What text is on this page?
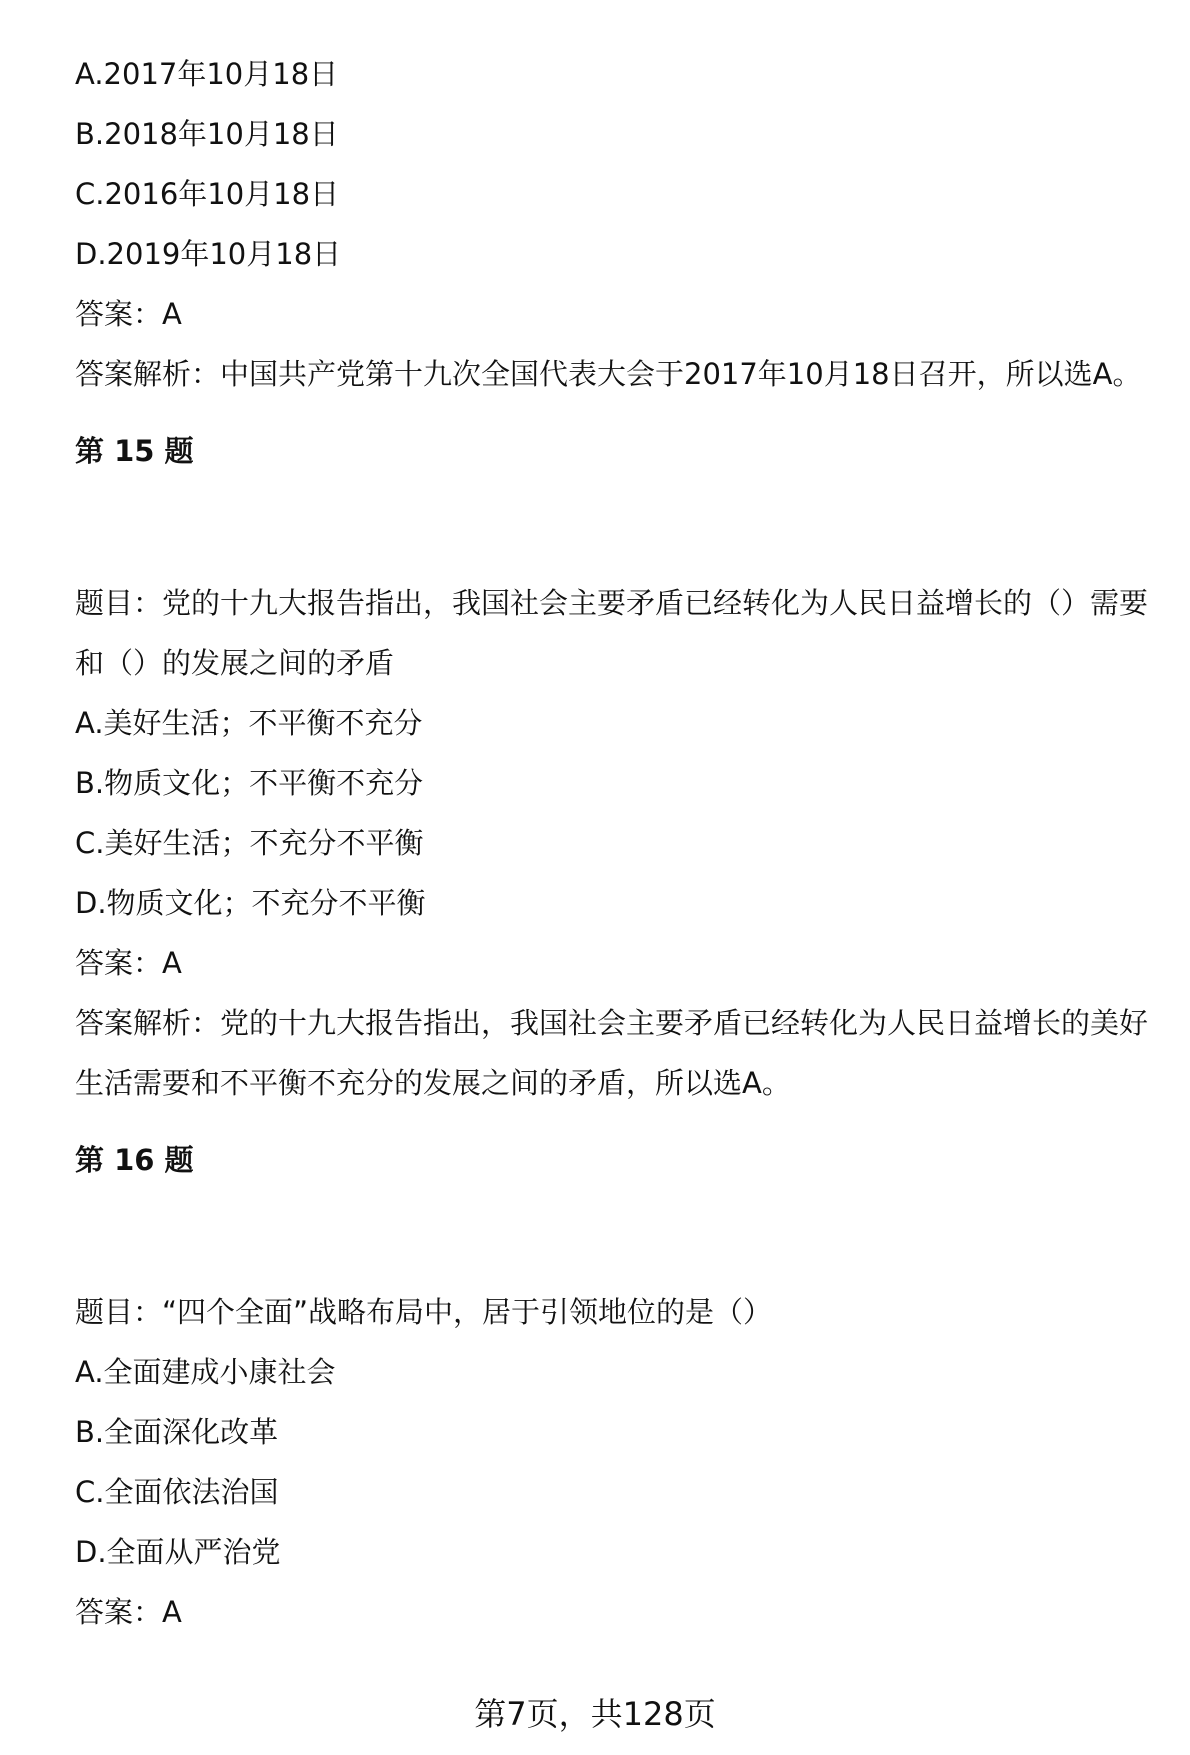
A.2017年10月18日
B.2018年10月18日
C.2016年10月18日
D.2019年10月18日
答案：A
答案解析：中国共产党第十九次全国代表大会于2017年10月18日召开，所以选A。
第 15 题
题目：党的十九大报告指出，我国社会主要矛盾已经转化为人民日益增长的（）需要和（）的发展之间的矛盾
A.美好生活；不平衡不充分
B.物质文化；不平衡不充分
C.美好生活；不充分不平衡
D.物质文化；不充分不平衡
答案：A
答案解析：党的十九大报告指出，我国社会主要矛盾已经转化为人民日益增长的美好生活需要和不平衡不充分的发展之间的矛盾，所以选A。
第 16 题
题目：“四个全面”战略布局中，居于引领地位的是（）
A.全面建成小康社会
B.全面深化改革
C.全面依法治国
D.全面从严治党
答案：A
第7页，共128页
